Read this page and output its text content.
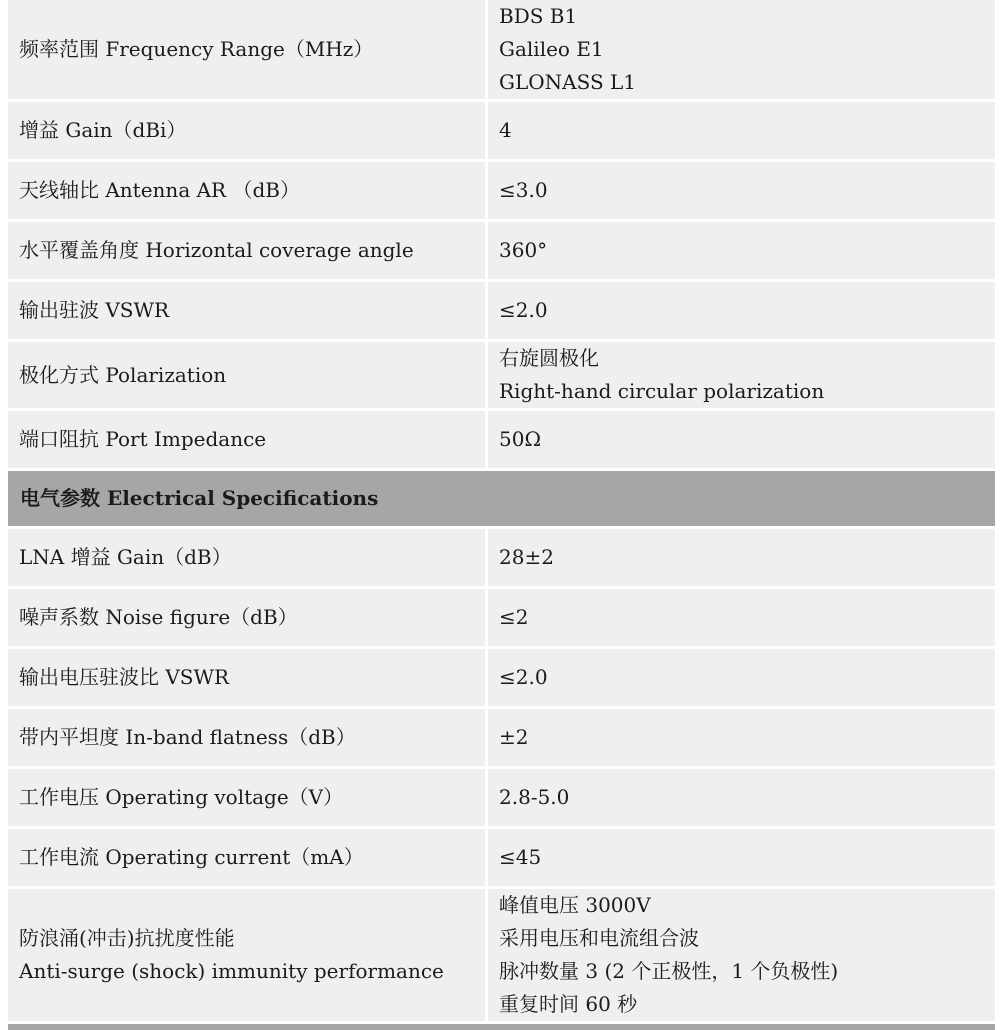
频率范围 Frequency Range（MHz）	BDS B1
Galileo E1
GLONASS L1

增益 Gain（dBi）	4
天线轴比 Antenna AR （dB）	≤3.0
水平覆盖角度 Horizontal coverage angle	360°
输出驻波 VSWR	≤2.0
极化方式 Polarization	右旋圆极化
Right-hand circular polarization

端口阻抗 Port Impedance	50Ω
电气参数 Electrical Specifications	
LNA 增益 Gain（dB）	28±2
噪声系数 Noise figure（dB）	≤2
输出电压驻波比 VSWR	≤2.0
带内平坦度 In-band flatness（dB）	±2
工作电压 Operating voltage（V）	2.8-5.0
工作电流 Operating current（mA）	≤45

防浪涌(冲击)抗扰度性能
Anti-surge (shock) immunity performance	峰值电压 3000V
采用电压和电流组合波
脉冲数量 3 (2 个正极性，1 个负极性)
重复时间 60 秒
